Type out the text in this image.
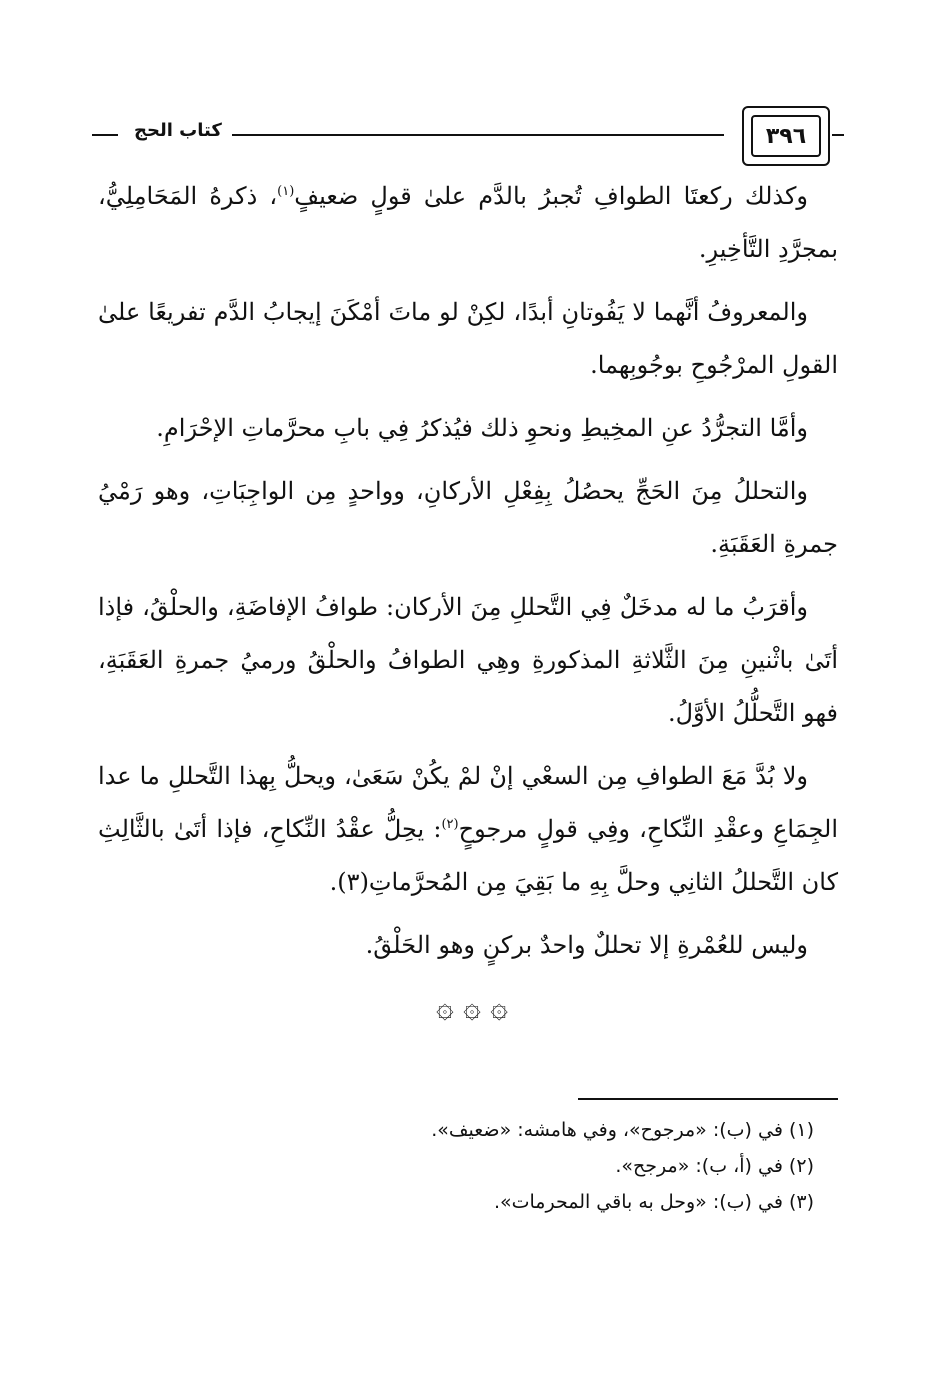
كتاب الحج	٣٩٦

وكذلك ركعتَا الطوافِ تُجبرُ بالدَّم علىٰ قولٍ ضعيفٍ$^{(١)}$، ذكرهُ المَحَامِلِيُّ، بمجرَّدِ التَّأخِيرِ.

والمعروفُ أنَّهما لا يَفُوتانِ أبدًا، لكِنْ لو ماتَ أمْكَنَ إيجابُ الدَّم تفريعًا علىٰ القولِ المرْجُوحِ بوجُوبِهما.

وأمَّا التجرُّدُ عنِ المخِيطِ ونحوِ ذلك فيُذكرُ فِي بابِ محرَّماتِ الإحْرَامِ.

والتحللُ مِنَ الحَجِّ يحصُلُ بِفِعْلِ الأركانِ، وواحدٍ مِن الواجِبَاتِ، وهو رَمْيُ جمرةِ العَقَبَةِ.

وأقرَبُ ما له مدخَلٌ فِي التَّحللِ مِنَ الأركان: طوافُ الإفاضَةِ، والحلْقُ، فإذا أتَىٰ باثْنينِ مِنَ الثَّلاثةِ المذكورةِ وهِي الطوافُ والحلْقُ ورميُ جمرةِ العَقَبَةِ، فهو التَّحلُّلُ الأوَّلُ.

ولا بُدَّ مَعَ الطوافِ مِن السعْي إنْ لمْ يكُنْ سَعَىٰ، ويحلُّ بِهذا التَّحللِ ما عدا الجِمَاعِ وعقْدِ النِّكاحِ، وفِي قولٍ مرجوحٍ$^{(٢)}$: يحِلُّ عقْدُ النِّكاحِ، فإذا أتَىٰ بالثَّالِثِ كان التَّحللُ الثانِي وحلَّ بِهِ ما بَقِيَ مِن المُحرَّماتِ(٣).

وليس للعُمْرةِ إلا تحللٌ واحدٌ بركنٍ وهو الحَلْقُ.

۞ ۞ ۞
(١) في (ب): «مرجوح»، وفي هامشه: «ضعيف».
(٢) في (أ، ب): «مرجح».
(٣) في (ب): «وحل به باقي المحرمات».
